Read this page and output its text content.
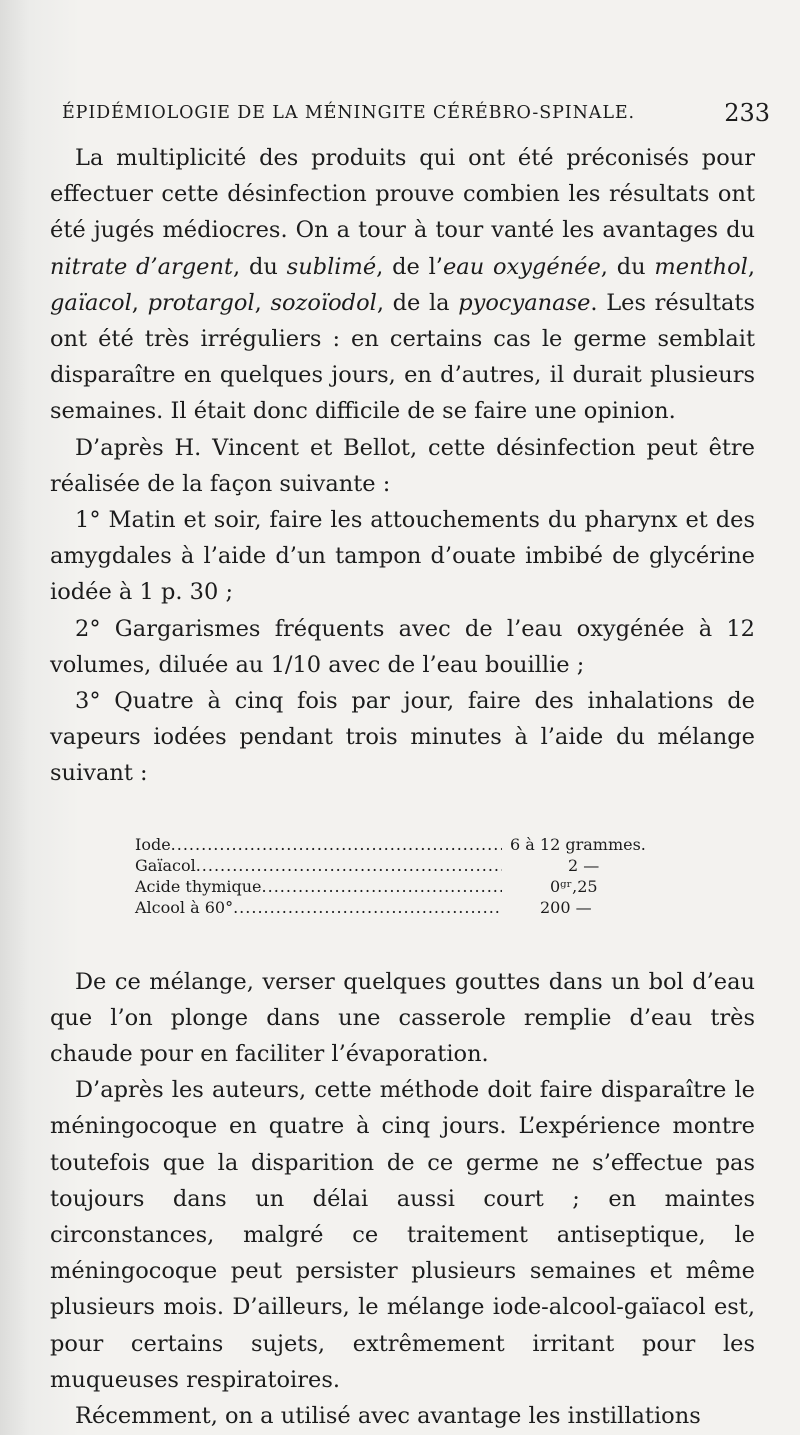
ÉPIDÉMIOLOGIE DE LA MÉNINGITE CÉRÉBRO-SPINALE.	233

La multiplicité des produits qui ont été préconisés pour effectuer cette désinfection prouve combien les résultats ont été jugés médiocres. On a tour à tour vanté les avantages du nitrate d’argent, du sublimé, de l’eau oxygénée, du menthol, gaïacol, protargol, sozoïodol, de la pyocyanase. Les résultats ont été très irréguliers : en certains cas le germe semblait disparaître en quelques jours, en d’autres, il durait plusieurs semaines. Il était donc difficile de se faire une opinion.

D’après H. Vincent et Bellot, cette désinfection peut être réalisée de la façon suivante :

1° Matin et soir, faire les attouchements du pharynx et des amygdales à l’aide d’un tampon d’ouate imbibé de glycérine iodée à 1 p. 30 ;

2° Gargarismes fréquents avec de l’eau oxygénée à 12 volumes, diluée au 1/10 avec de l’eau bouillie ;

3° Quatre à cinq fois par jour, faire des inhalations de vapeurs iodées pendant trois minutes à l’aide du mélange suivant :

Iode .....	6 à 12 grammes.
Gaïacol .....	2 —
Acide thymique .....	0ᵍʳ,25
Alcool à 60° .....	200 —

De ce mélange, verser quelques gouttes dans un bol d’eau que l’on plonge dans une casserole remplie d’eau très chaude pour en faciliter l’évaporation.

D’après les auteurs, cette méthode doit faire disparaître le méningocoque en quatre à cinq jours. L’expérience montre toutefois que la disparition de ce germe ne s’effectue pas toujours dans un délai aussi court ; en maintes circonstances, malgré ce traitement antiseptique, le méningocoque peut persister plusieurs semaines et même plusieurs mois. D’ailleurs, le mélange iode-alcool-gaïacol est, pour certains sujets, extrêmement irritant pour les muqueuses respiratoires.

Récemment, on a utilisé avec avantage les instillations
